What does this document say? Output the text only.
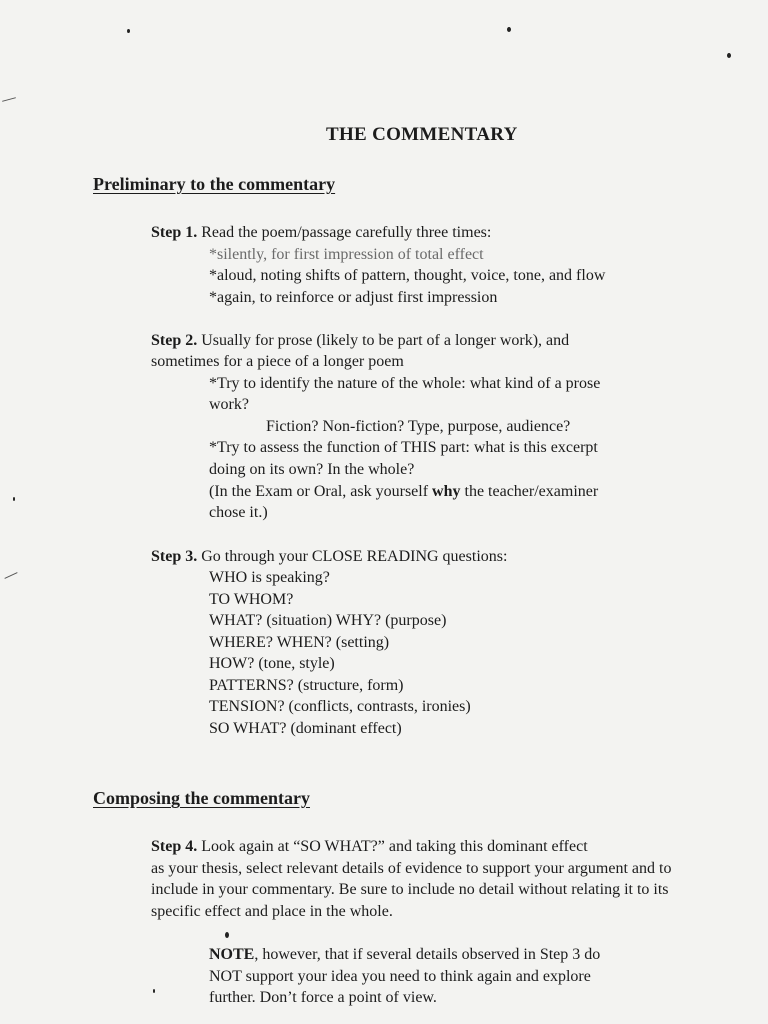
THE COMMENTARY
Preliminary to the commentary
Step 1. Read the poem/passage carefully three times:
*silently, for first impression of total effect
*aloud, noting shifts of pattern, thought, voice, tone, and flow
*again, to reinforce or adjust first impression
Step 2. Usually for prose (likely to be part of a longer work), and
sometimes for a piece of a longer poem
*Try to identify the nature of the whole: what kind of a prose
work?
Fiction? Non-fiction? Type, purpose, audience?
*Try to assess the function of THIS part: what is this excerpt
doing on its own? In the whole?
(In the Exam or Oral, ask yourself why the teacher/examiner
chose it.)
Step 3. Go through your CLOSE READING questions:
WHO is speaking?
TO WHOM?
WHAT? (situation) WHY? (purpose)
WHERE? WHEN? (setting)
HOW? (tone, style)
PATTERNS? (structure, form)
TENSION? (conflicts, contrasts, ironies)
SO WHAT? (dominant effect)
Composing the commentary
Step 4. Look again at “SO WHAT?” and taking this dominant effect
as your thesis, select relevant details of evidence to support your argument and to
include in your commentary. Be sure to include no detail without relating it to its
specific effect and place in the whole.
NOTE, however, that if several details observed in Step 3 do
NOT support your idea you need to think again and explore
further. Don’t force a point of view.
